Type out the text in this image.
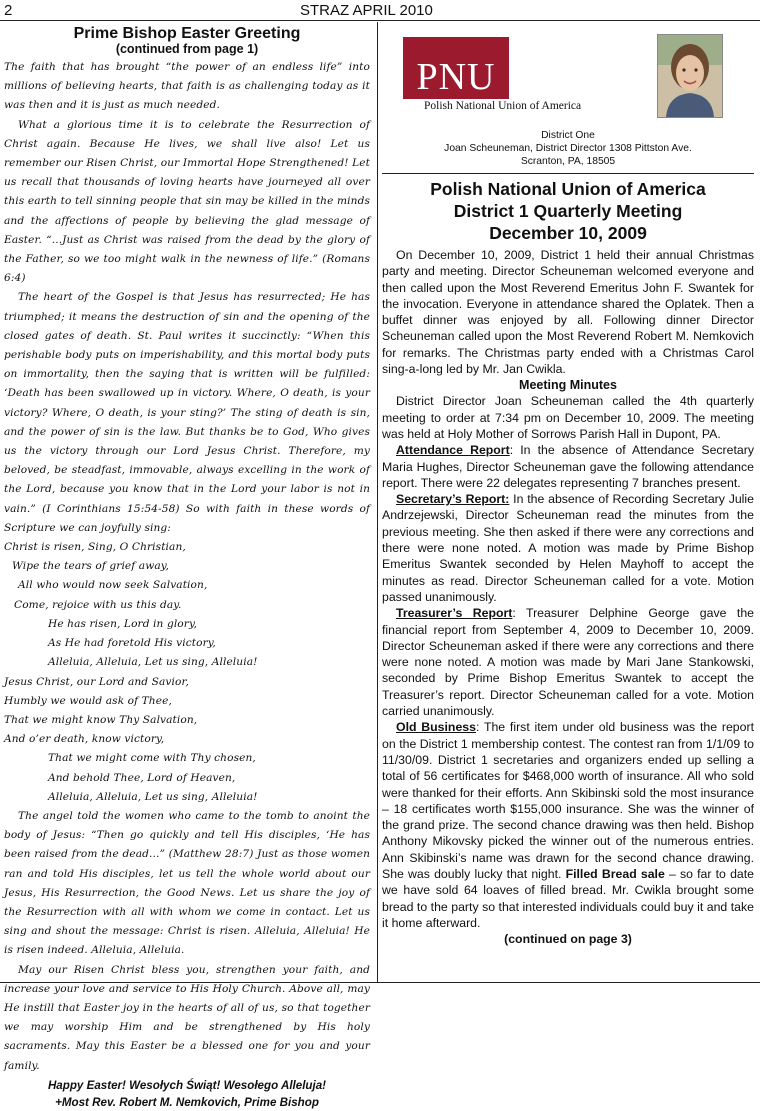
2	STRAZ APRIL 2010
Prime Bishop Easter Greeting
(continued from page 1)

The faith that has brought “the power of an endless life” into millions of believing hearts, that faith is as challenging today as it was then and it is just as much needed.

What a glorious time it is to celebrate the Resurrection of Christ again. Because He lives, we shall live also! Let us remember our Risen Christ, our Immortal Hope Strengthened! Let us recall that thousands of loving hearts have journeyed all over this earth to tell sinning people that sin may be killed in the minds and the affections of people by believing the glad message of Easter. “...Just as Christ was raised from the dead by the glory of the Father, so we too might walk in the newness of life.” (Romans 6:4)

The heart of the Gospel is that Jesus has resurrected; He has triumphed; it means the destruction of sin and the opening of the closed gates of death. St. Paul writes it succinctly: “When this perishable body puts on imperishability, and this mortal body puts on immortality, then the saying that is written will be fulfilled: ‘Death has been swallowed up in victory. Where, O death, is your victory? Where, O death, is your sting?’ The sting of death is sin, and the power of sin is the law. But thanks be to God, Who gives us the victory through our Lord Jesus Christ. Therefore, my beloved, be steadfast, immovable, always excelling in the work of the Lord, because you know that in the Lord your labor is not in vain.” (I Corinthians 15:54-58) So with faith in these words of Scripture we can joyfully sing:

Christ is risen, Sing, O Christian,
Wipe the tears of grief away,
All who would now seek Salvation,
Come, rejoice with us this day.
He has risen, Lord in glory,
As He had foretold His victory,
Alleluia, Alleluia, Let us sing, Alleluia!
Jesus Christ, our Lord and Savior,
Humbly we would ask of Thee,
That we might know Thy Salvation,
And o’er death, know victory,
That we might come with Thy chosen,
And behold Thee, Lord of Heaven,
Alleluia, Alleluia, Let us sing, Alleluia!

The angel told the women who came to the tomb to anoint the body of Jesus: “Then go quickly and tell His disciples, ‘He has been raised from the dead...” (Matthew 28:7) Just as those women ran and told His disciples, let us tell the whole world about our Jesus, His Resurrection, the Good News. Let us share the joy of the Resurrection with all with whom we come in contact. Let us sing and shout the message: Christ is risen. Alleluia, Alleluia! He is risen indeed. Alleluia, Alleluia.

May our Risen Christ bless you, strengthen your faith, and increase your love and service to His Holy Church. Above all, may He instill that Easter joy in the hearts of all of us, so that together we may worship Him and be strengthened by His holy sacraments. May this Easter be a blessed one for you and your family.

Happy Easter! Wesołych Świąt! Wesołego Alleluja!
+Most Rev. Robert M. Nemkovich, Prime Bishop
PNU
Polish National Union of America
District One
Joan Scheuneman, District Director 1308 Pittston Ave.
Scranton, PA, 18505
Polish National Union of America
District 1 Quarterly Meeting
December 10, 2009

On December 10, 2009, District 1 held their annual Christmas party and meeting. Director Scheuneman welcomed everyone and then called upon the Most Reverend Emeritus John F. Swantek for the invocation. Everyone in attendance shared the Oplatek. Then a buffet dinner was enjoyed by all. Following dinner Director Scheuneman called upon the Most Reverend Robert M. Nemkovich for remarks. The Christmas party ended with a Christmas Carol sing-a-long led by Mr. Jan Cwikla.

Meeting Minutes

District Director Joan Scheuneman called the 4th quarterly meeting to order at 7:34 pm on December 10, 2009. The meeting was held at Holy Mother of Sorrows Parish Hall in Dupont, PA.

Attendance Report: In the absence of Attendance Secretary Maria Hughes, Director Scheuneman gave the following attendance report. There were 22 delegates representing 7 branches present.

Secretary’s Report: In the absence of Recording Secretary Julie Andrzejewski, Director Scheuneman read the minutes from the previous meeting. She then asked if there were any corrections and there were none noted. A motion was made by Prime Bishop Emeritus Swantek seconded by Helen Mayhoff to accept the minutes as read. Director Scheuneman called for a vote. Motion passed unanimously.

Treasurer’s Report: Treasurer Delphine George gave the financial report from September 4, 2009 to December 10, 2009. Director Scheuneman asked if there were any corrections and there were none noted. A motion was made by Mari Jane Stankowski, seconded by Prime Bishop Emeritus Swantek to accept the Treasurer’s report. Director Scheuneman called for a vote. Motion carried unanimously.

Old Business: The first item under old business was the report on the District 1 membership contest. The contest ran from 1/1/09 to 11/30/09. District 1 secretaries and organizers ended up selling a total of 56 certificates for $468,000 worth of insurance. All who sold were thanked for their efforts. Ann Skibinski sold the most insurance – 18 certificates worth $155,000 insurance. She was the winner of the grand prize. The second chance drawing was then held. Bishop Anthony Mikovsky picked the winner out of the numerous entries. Ann Skibinski’s name was drawn for the second chance drawing. She was doubly lucky that night. Filled Bread sale – so far to date we have sold 64 loaves of filled bread. Mr. Cwikla brought some bread to the party so that interested individuals could buy it and take it home afterward.

(continued on page 3)
